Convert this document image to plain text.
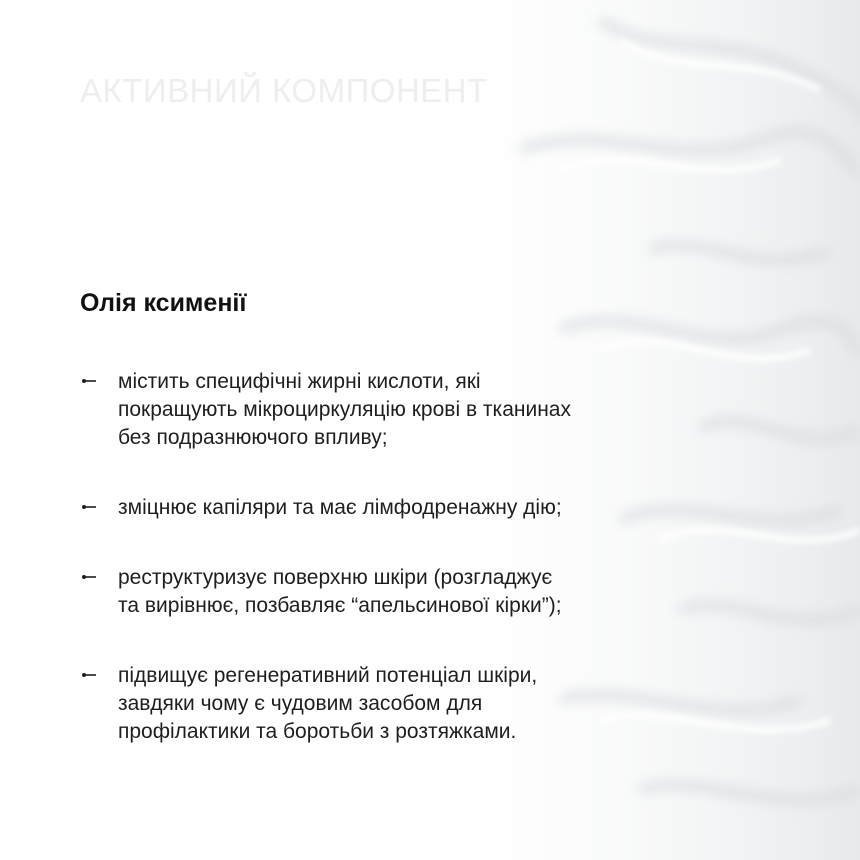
АКТИВНИЙ КОМПОНЕНТ
Олія ксименії
містить специфічні жирні кислоти, які
покращують мікроциркуляцію крові в тканинах
без подразнюючого впливу;
зміцнює капіляри та має лімфодренажну дію;
реструктуризує поверхню шкіри (розгладжує
та вирівнює, позбавляє “апельсинової кірки”);
підвищує регенеративний потенціал шкіри,
завдяки чому є чудовим засобом для
профілактики та боротьби з розтяжками.
